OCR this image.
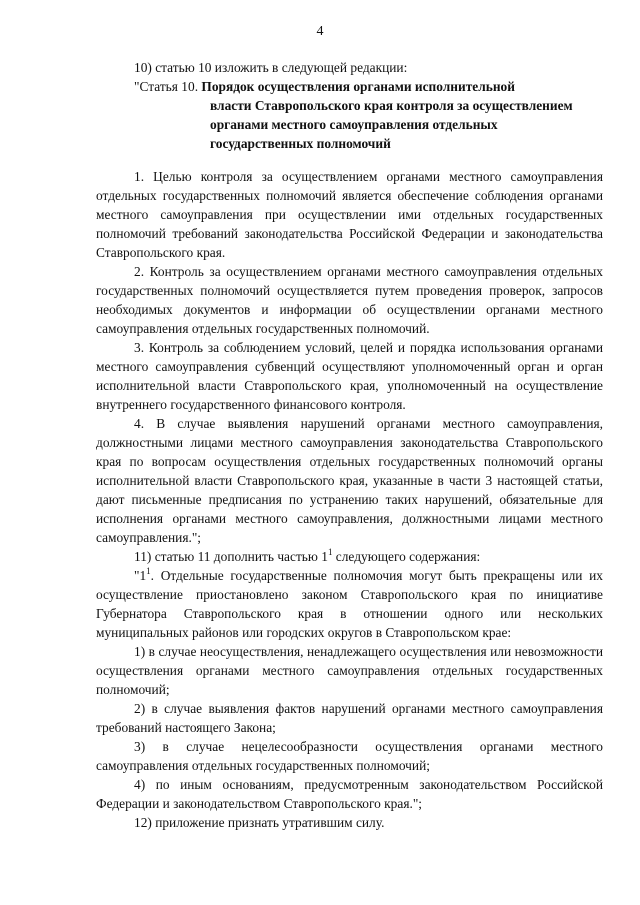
4

10) статью 10 изложить в следующей редакции:

"Статья 10. Порядок осуществления органами исполнительной

власти Ставропольского края контроля за осуществлением

органами местного самоуправления отдельных

государственных полномочий

1. Целью контроля за осуществлением органами местного самоуправления отдельных государственных полномочий является обеспечение соблюдения органами местного самоуправления при осуществлении ими отдельных государственных полномочий требований законодательства Российской Федерации и законодательства Ставропольского края.

2. Контроль за осуществлением органами местного самоуправления отдельных государственных полномочий осуществляется путем проведения проверок, запросов необходимых документов и информации об осуществлении органами местного самоуправления отдельных государственных полномочий.

3. Контроль за соблюдением условий, целей и порядка использования органами местного самоуправления субвенций осуществляют уполномоченный орган и орган исполнительной власти Ставропольского края, уполномоченный на осуществление внутреннего государственного финансового контроля.

4. В случае выявления нарушений органами местного самоуправления, должностными лицами местного самоуправления законодательства Ставропольского края по вопросам осуществления отдельных государственных полномочий органы исполнительной власти Ставропольского края, указанные в части 3 настоящей статьи, дают письменные предписания по устранению таких нарушений, обязательные для исполнения органами местного самоуправления, должностными лицами местного самоуправления.";

11) статью 11 дополнить частью $1^1$ следующего содержания:

"$1^1$. Отдельные государственные полномочия могут быть прекращены или их осуществление приостановлено законом Ставропольского края по инициативе Губернатора Ставропольского края в отношении одного или нескольких муниципальных районов или городских округов в Ставропольском крае:

1) в случае неосуществления, ненадлежащего осуществления или невозможности осуществления органами местного самоуправления отдельных государственных полномочий;

2) в случае выявления фактов нарушений органами местного самоуправления требований настоящего Закона;

3) в случае нецелесообразности осуществления органами местного самоуправления отдельных государственных полномочий;

4) по иным основаниям, предусмотренным законодательством Российской Федерации и законодательством Ставропольского края.";

12) приложение признать утратившим силу.
